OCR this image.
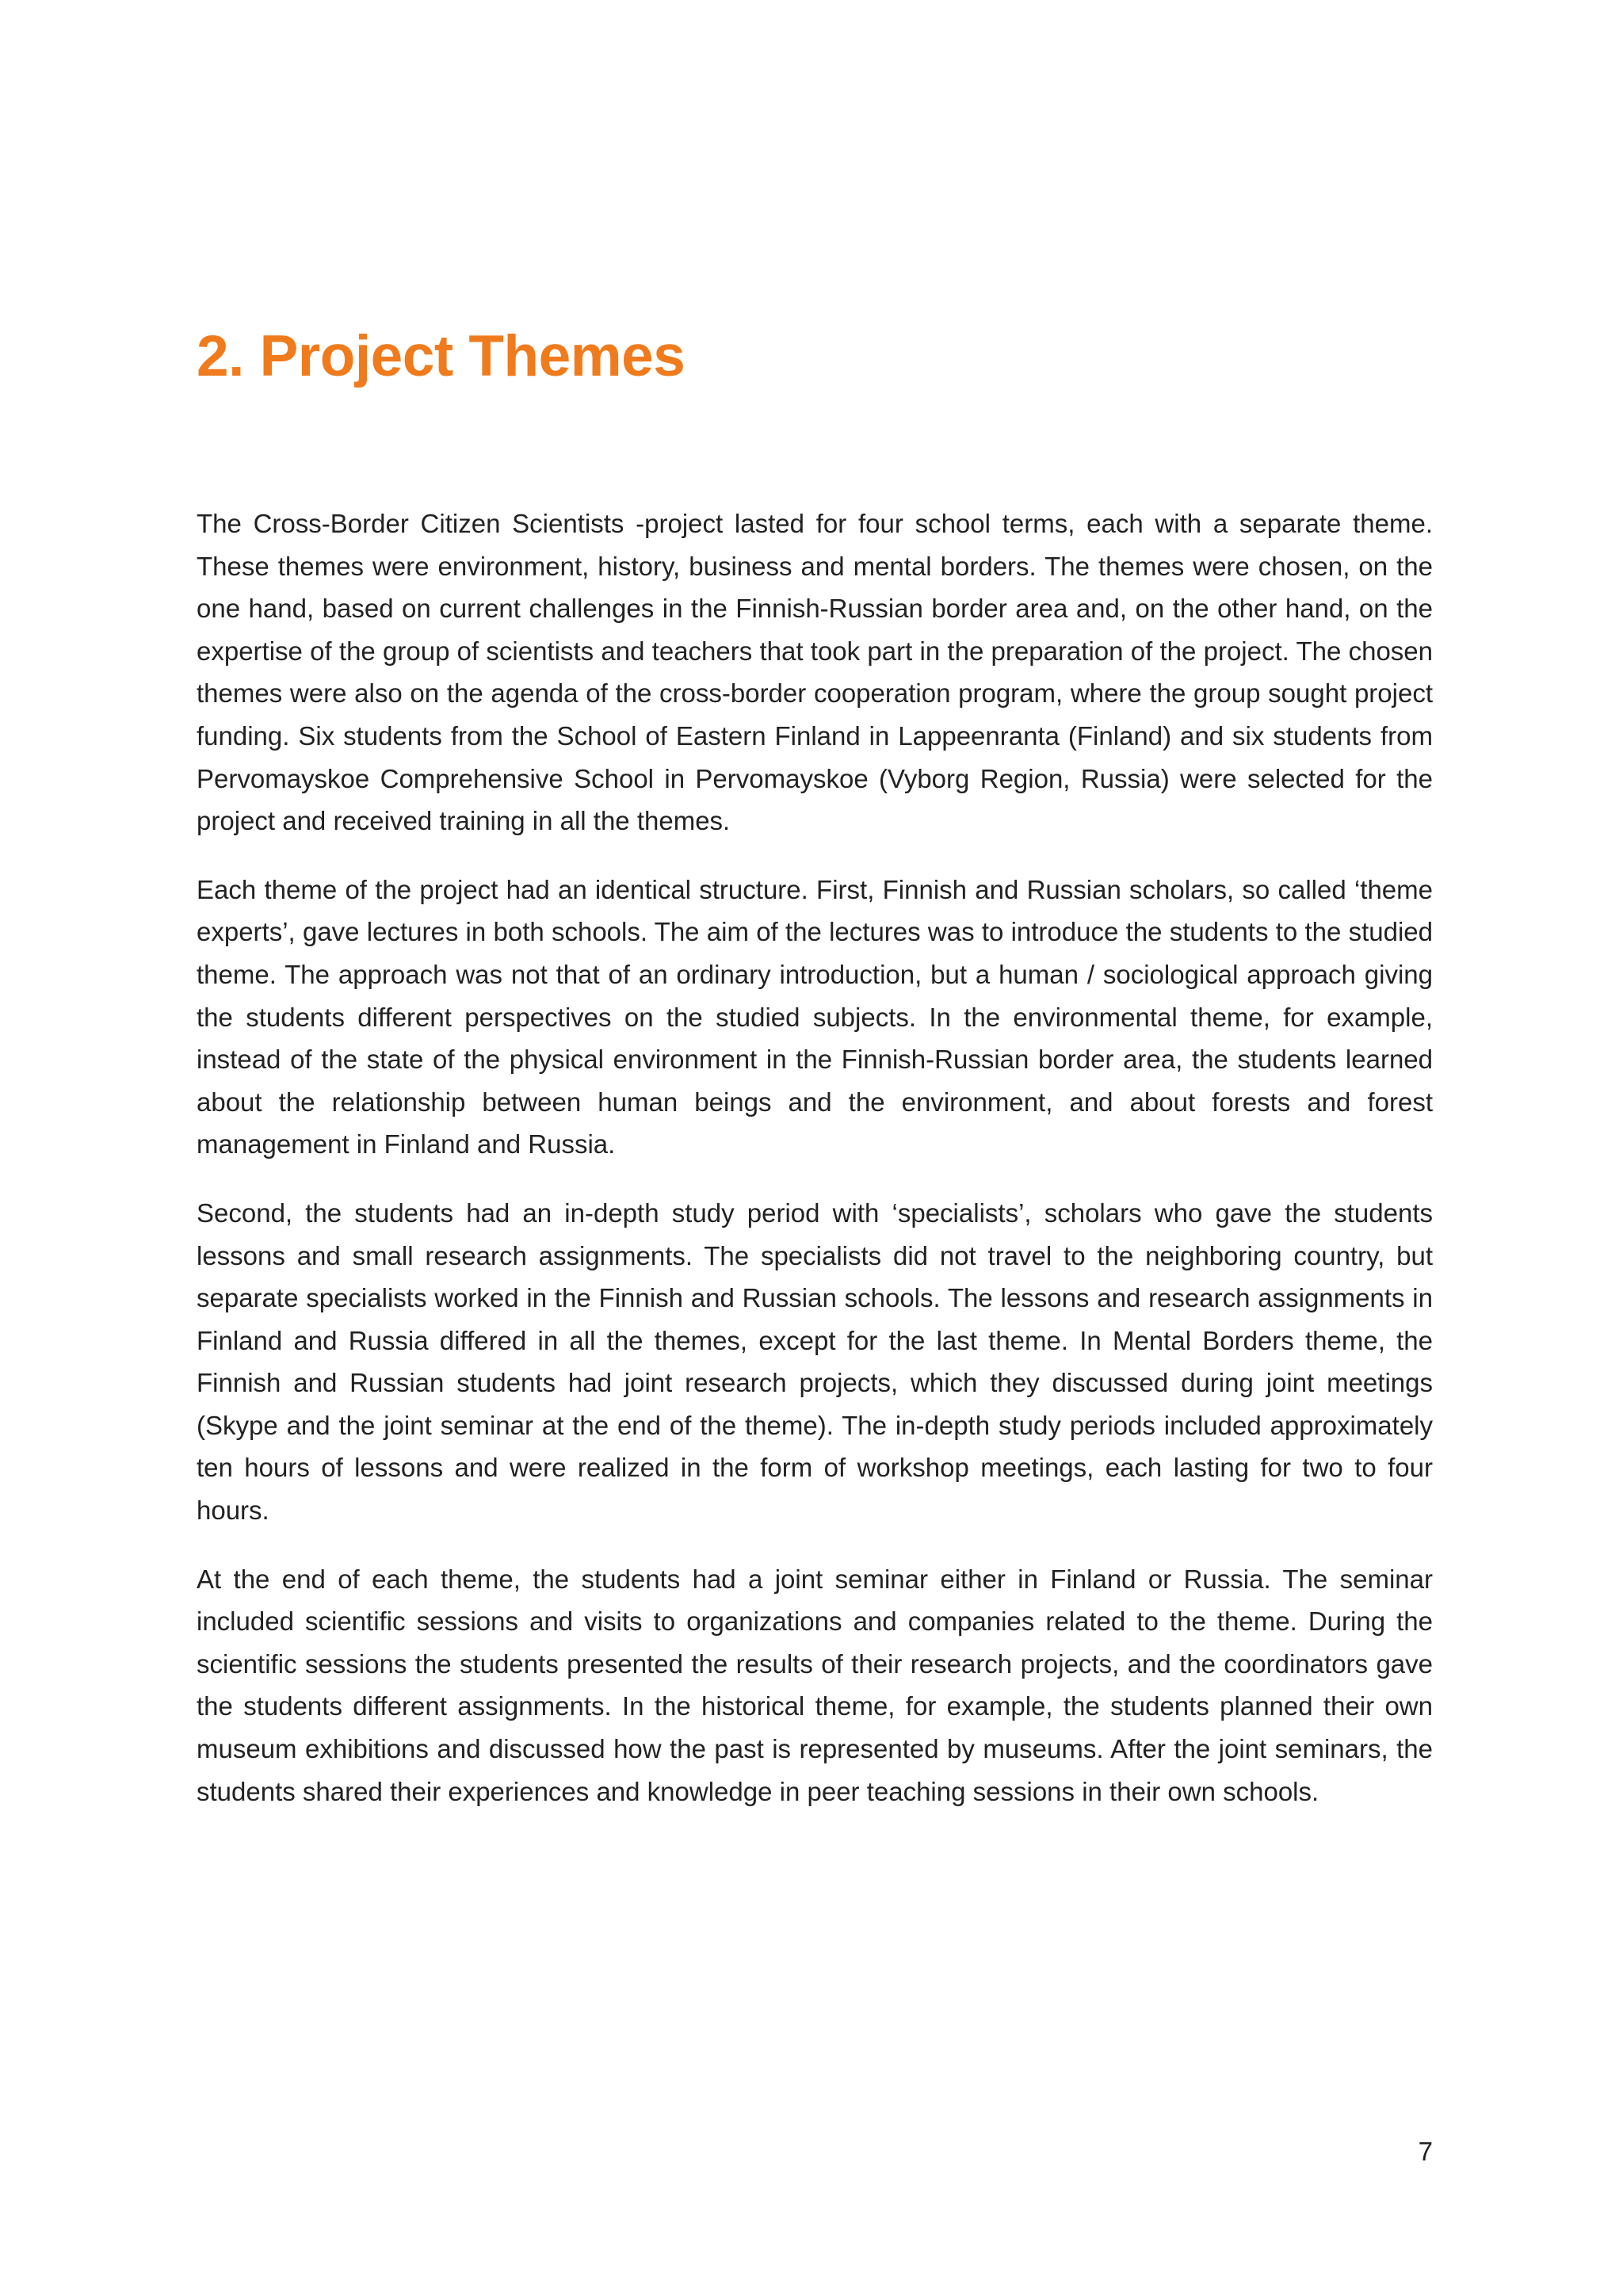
2. Project Themes

The Cross-Border Citizen Scientists -project lasted for four school terms, each with a separate theme. These themes were environment, history, business and mental borders. The themes were chosen, on the one hand, based on current challenges in the Finnish-Russian border area and, on the other hand, on the expertise of the group of scientists and teachers that took part in the preparation of the project. The chosen themes were also on the agenda of the cross-border cooperation program, where the group sought project funding. Six students from the School of Eastern Finland in Lappeenranta (Finland) and six students from Pervomayskoe Comprehensive School in Pervomayskoe (Vyborg Region, Russia) were selected for the project and received training in all the themes.

Each theme of the project had an identical structure. First, Finnish and Russian scholars, so called ‘theme experts’, gave lectures in both schools. The aim of the lectures was to introduce the students to the studied theme. The approach was not that of an ordinary introduction, but a human / sociological approach giving the students different perspectives on the studied subjects. In the environmental theme, for example, instead of the state of the physical environment in the Finnish-Russian border area, the students learned about the relationship between human beings and the environment, and about forests and forest management in Finland and Russia.

Second, the students had an in-depth study period with ‘specialists’, scholars who gave the students lessons and small research assignments. The specialists did not travel to the neighboring country, but separate specialists worked in the Finnish and Russian schools. The lessons and research assignments in Finland and Russia differed in all the themes, except for the last theme. In Mental Borders theme, the Finnish and Russian students had joint research projects, which they discussed during joint meetings (Skype and the joint seminar at the end of the theme). The in-depth study periods included approximately ten hours of lessons and were realized in the form of workshop meetings, each lasting for two to four hours.

At the end of each theme, the students had a joint seminar either in Finland or Russia. The seminar included scientific sessions and visits to organizations and companies related to the theme. During the scientific sessions the students presented the results of their research projects, and the coordinators gave the students different assignments. In the historical theme, for example, the students planned their own museum exhibitions and discussed how the past is represented by museums. After the joint seminars, the students shared their experiences and knowledge in peer teaching sessions in their own schools.

7
